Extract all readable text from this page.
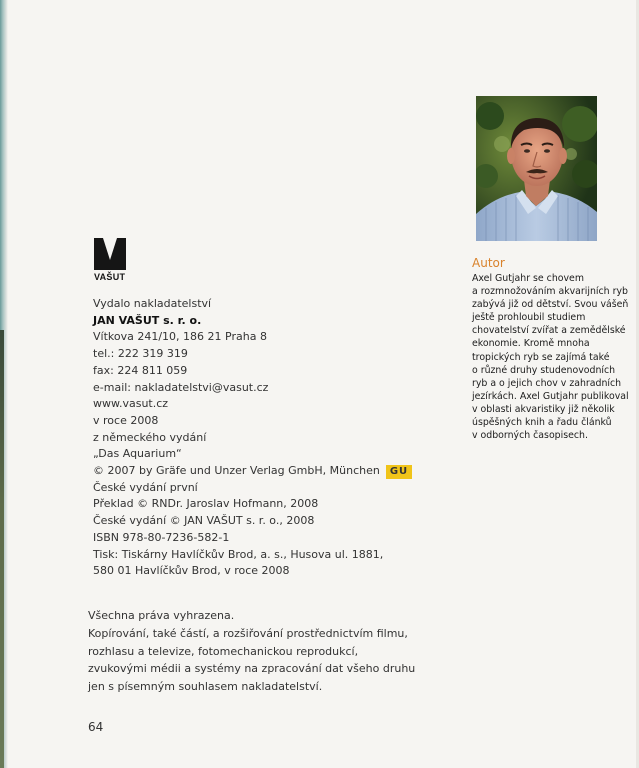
VAŠUT
Vydalo nakladatelství
JAN VAŠUT s. r. o.
Vítkova 241/10, 186 21 Praha 8
tel.: 222 319 319
fax: 224 811 059
e-mail: nakladatelstvi@vasut.cz
www.vasut.cz
v roce 2008
z německého vydání
„Das Aquarium“
© 2007 by Gräfe und Unzer Verlag GmbH, München GU
České vydání první
Překlad © RNDr. Jaroslav Hofmann, 2008
České vydání © JAN VAŠUT s. r. o., 2008
ISBN 978-80-7236-582-1
Tisk: Tiskárny Havlíčkův Brod, a. s., Husova ul. 1881,
580 01 Havlíčkův Brod, v roce 2008
Všechna práva vyhrazena.
Kopírování, také částí, a rozšiřování prostřednictvím filmu,
rozhlasu a televize, fotomechanickou reprodukcí,
zvukovými médii a systémy na zpracování dat všeho druhu
jen s písemným souhlasem nakladatelství.
64
Autor
Axel Gutjahr se chovem
a rozmnožováním akvarijních ryb
zabývá již od dětství. Svou vášeň
ještě prohloubil studiem
chovatelství zvířat a zemědělské
ekonomie. Kromě mnoha
tropických ryb se zajímá také
o různé druhy studenovodních
ryb a o jejich chov v zahradních
jezírkách. Axel Gutjahr publikoval
v oblasti akvaristiky již několik
úspěšných knih a řadu článků
v odborných časopisech.
